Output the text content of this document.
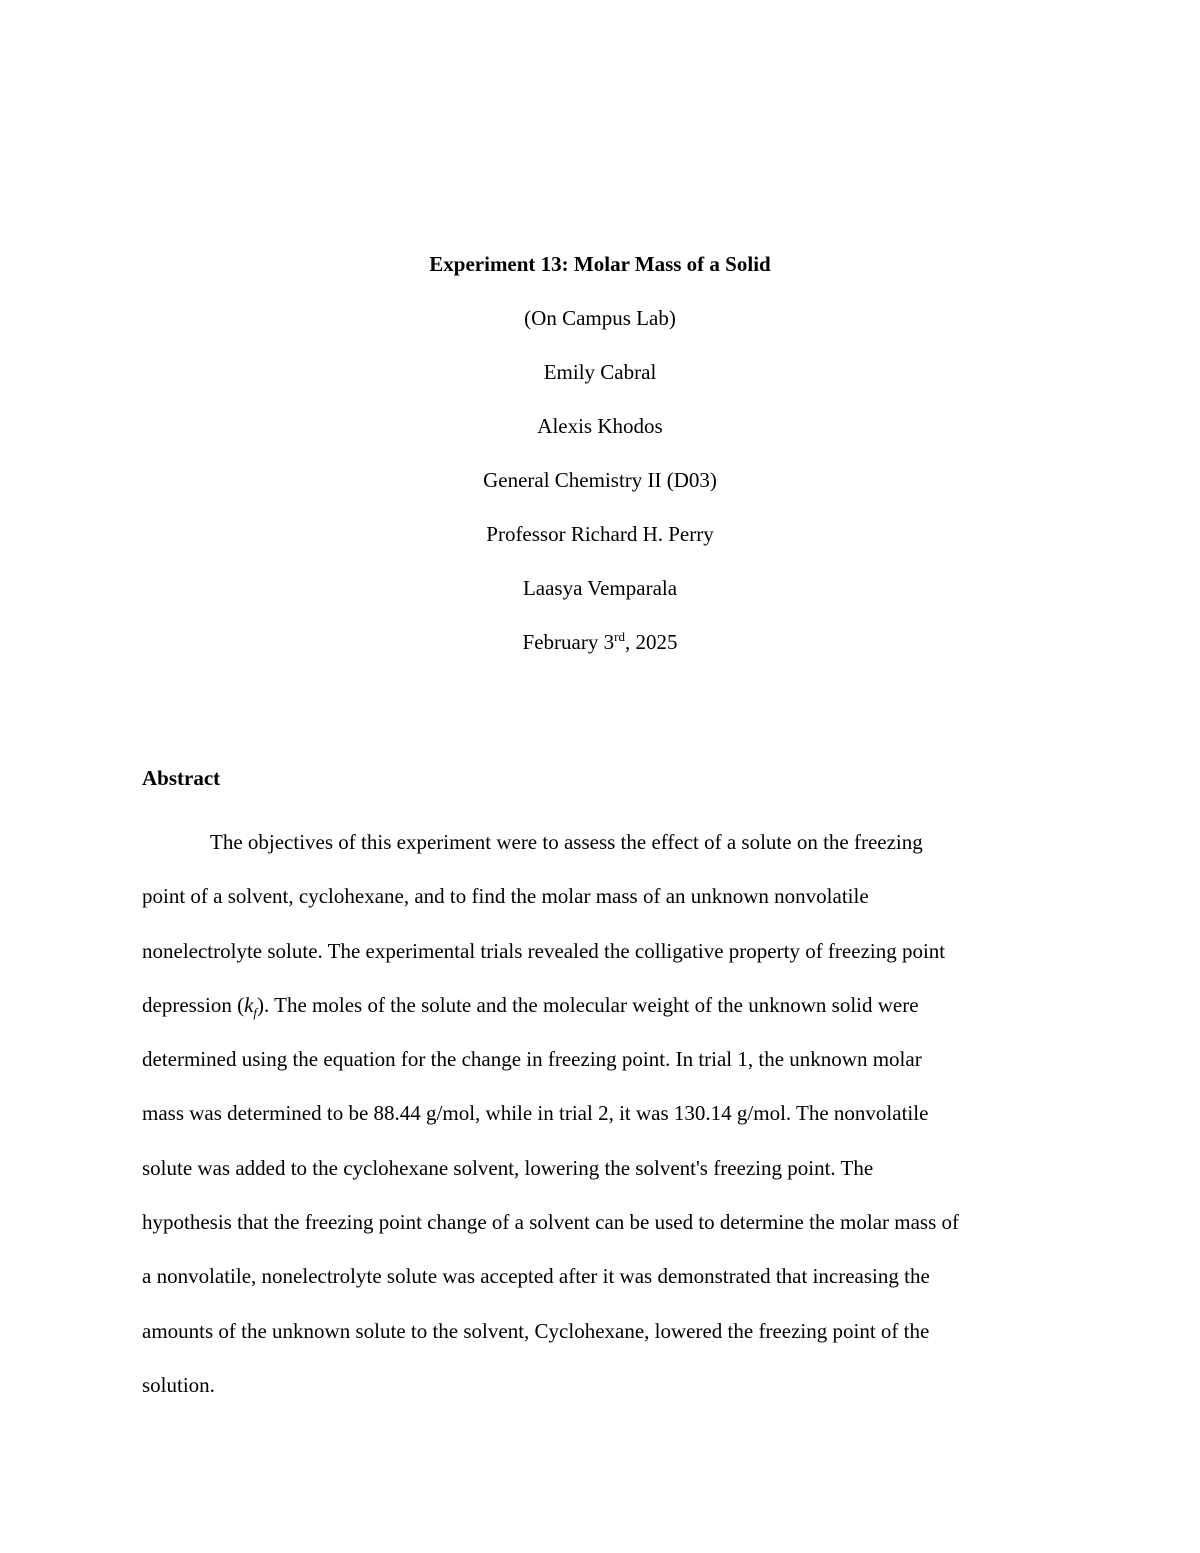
Experiment 13: Molar Mass of a Solid
(On Campus Lab)
Emily Cabral
Alexis Khodos
General Chemistry II (D03)
Professor Richard H. Perry
Laasya Vemparala
February 3rd, 2025
Abstract
The objectives of this experiment were to assess the effect of a solute on the freezing
point of a solvent, cyclohexane, and to find the molar mass of an unknown nonvolatile
nonelectrolyte solute. The experimental trials revealed the colligative property of freezing point
depression $(k_f)$. The moles of the solute and the molecular weight of the unknown solid were
determined using the equation for the change in freezing point. In trial 1, the unknown molar
mass was determined to be 88.44 g/mol, while in trial 2, it was 130.14 g/mol. The nonvolatile
solute was added to the cyclohexane solvent, lowering the solvent's freezing point. The
hypothesis that the freezing point change of a solvent can be used to determine the molar mass of
a nonvolatile, nonelectrolyte solute was accepted after it was demonstrated that increasing the
amounts of the unknown solute to the solvent, Cyclohexane, lowered the freezing point of the
solution.
